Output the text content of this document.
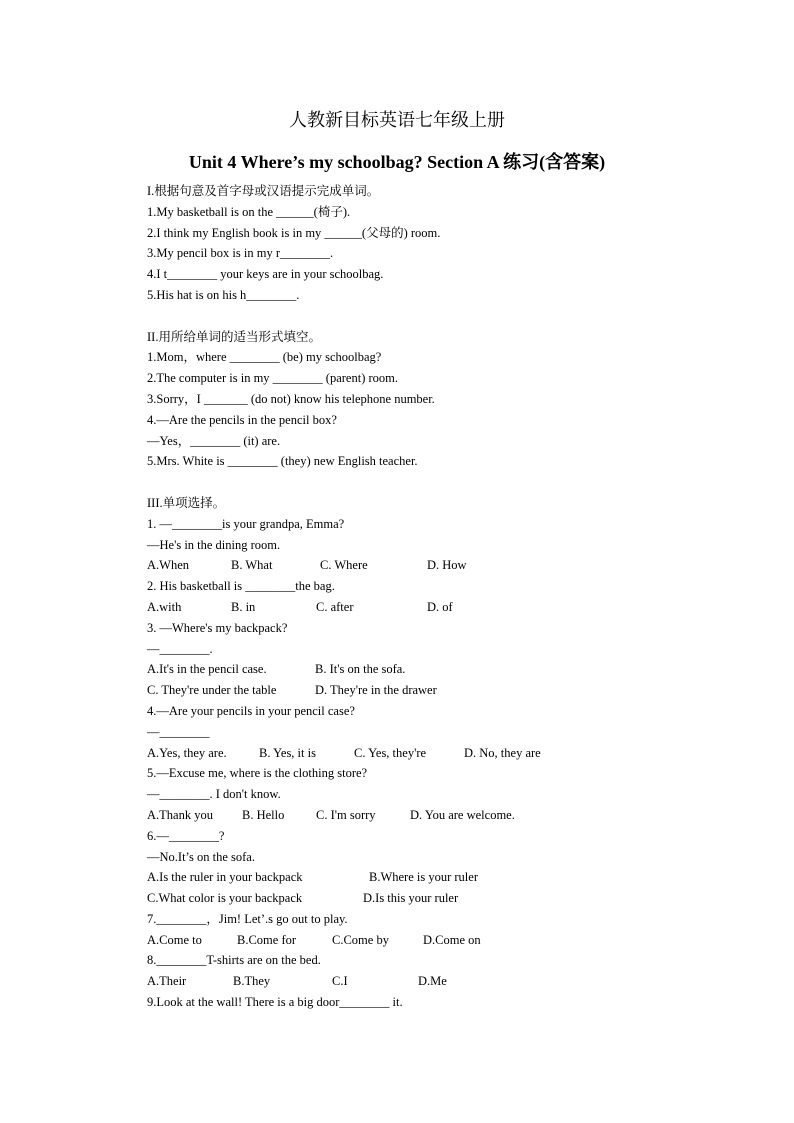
人教新目标英语七年级上册
Unit 4 Where’s my schoolbag? Section A 练习(含答案)
I.根据句意及首字母或汉语提示完成单词。
1.My basketball is on the ______(椅子).
2.I think my English book is in my ______(父母的) room.
3.My pencil box is in my r________.
4.I t________ your keys are in your schoolbag.
5.His hat is on his h________.
II.用所给单词的适当形式填空。
1.Mom，where ________ (be) my schoolbag?
2.The computer is in my ________ (parent) room.
3.Sorry，I _______ (do not) know his telephone number.
4.—Are the pencils in the pencil box?
—Yes，________ (it) are.
5.Mrs. White is ________ (they) new English teacher.
III.单项选择。
1. —________is your grandpa, Emma?
—He's in the dining room.
A.When	B. What	C. Where	D. How
2. His basketball is ________the bag.
A.with	B. in	C. after	D. of
3. —Where's my backpack?
—________.
A.It's in the pencil case.	B. It's on the sofa.
C. They're under the table	D. They're in the drawer
4.—Are your pencils in your pencil case?
—________
A.Yes, they are.	B. Yes, it is	C. Yes, they're	D. No, they are
5.—Excuse me, where is the clothing store?
—________. I don't know.
A.Thank you B. Hello	C. I'm sorry	D. You are welcome.
6.—________?
—No.It’s on the sofa.
A.Is the ruler in your backpack	B.Where is your ruler
C.What color is your backpack	D.Is this your ruler
7.________，Jim! Let’.s go out to play.
A.Come to	B.Come for	C.Come by	D.Come on
8.________T-shirts are on the bed.
A.Their	B.They	C.I	D.Me
9.Look at the wall! There is a big door________ it.
